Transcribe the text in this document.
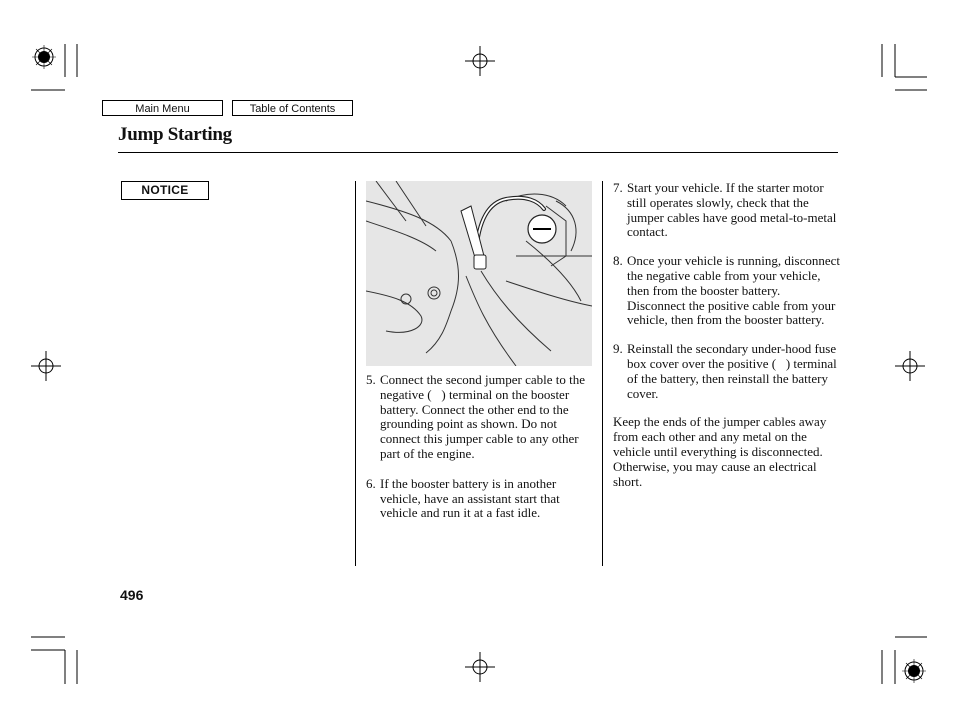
Main Menu	Table of Contents
Jump Starting
NOTICE
5. Connect the second jumper cable to the negative (   ) terminal on the booster battery. Connect the other end to the grounding point as shown. Do not connect this jumper cable to any other part of the engine.
6. If the booster battery is in another vehicle, have an assistant start that vehicle and run it at a fast idle.
7. Start your vehicle. If the starter motor still operates slowly, check that the jumper cables have good metal-to-metal contact.
8. Once your vehicle is running, disconnect the negative cable from your vehicle, then from the booster battery. Disconnect the positive cable from your vehicle, then from the booster battery.
9. Reinstall the secondary under-hood fuse box cover over the positive (   ) terminal of the battery, then reinstall the battery cover.
Keep the ends of the jumper cables away from each other and any metal on the vehicle until everything is disconnected. Otherwise, you may cause an electrical short.
496
